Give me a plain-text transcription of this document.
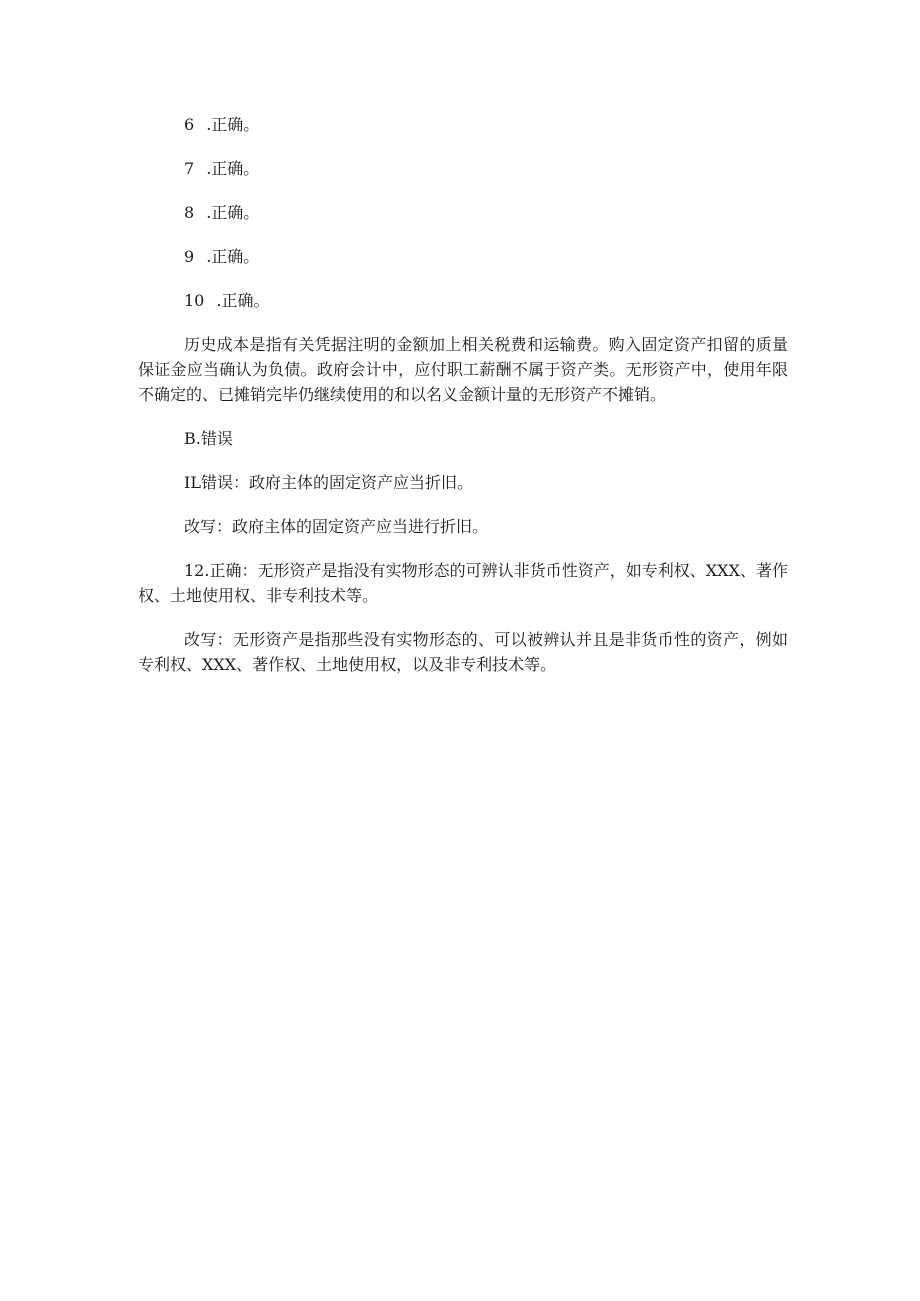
6 .正确。

7 .正确。

8 .正确。

9 .正确。

10 .正确。

历史成本是指有关凭据注明的金额加上相关税费和运输费。购入固定资产扣留的质量保证金应当确认为负债。政府会计中，应付职工薪酬不属于资产类。无形资产中，使用年限不确定的、已摊销完毕仍继续使用的和以名义金额计量的无形资产不摊销。

B.错误

IL错误：政府主体的固定资产应当折旧。

改写：政府主体的固定资产应当进行折旧。

12.正确：无形资产是指没有实物形态的可辨认非货币性资产，如专利权、XXX、著作权、土地使用权、非专利技术等。

改写：无形资产是指那些没有实物形态的、可以被辨认并且是非货币性的资产，例如专利权、XXX、著作权、土地使用权，以及非专利技术等。
